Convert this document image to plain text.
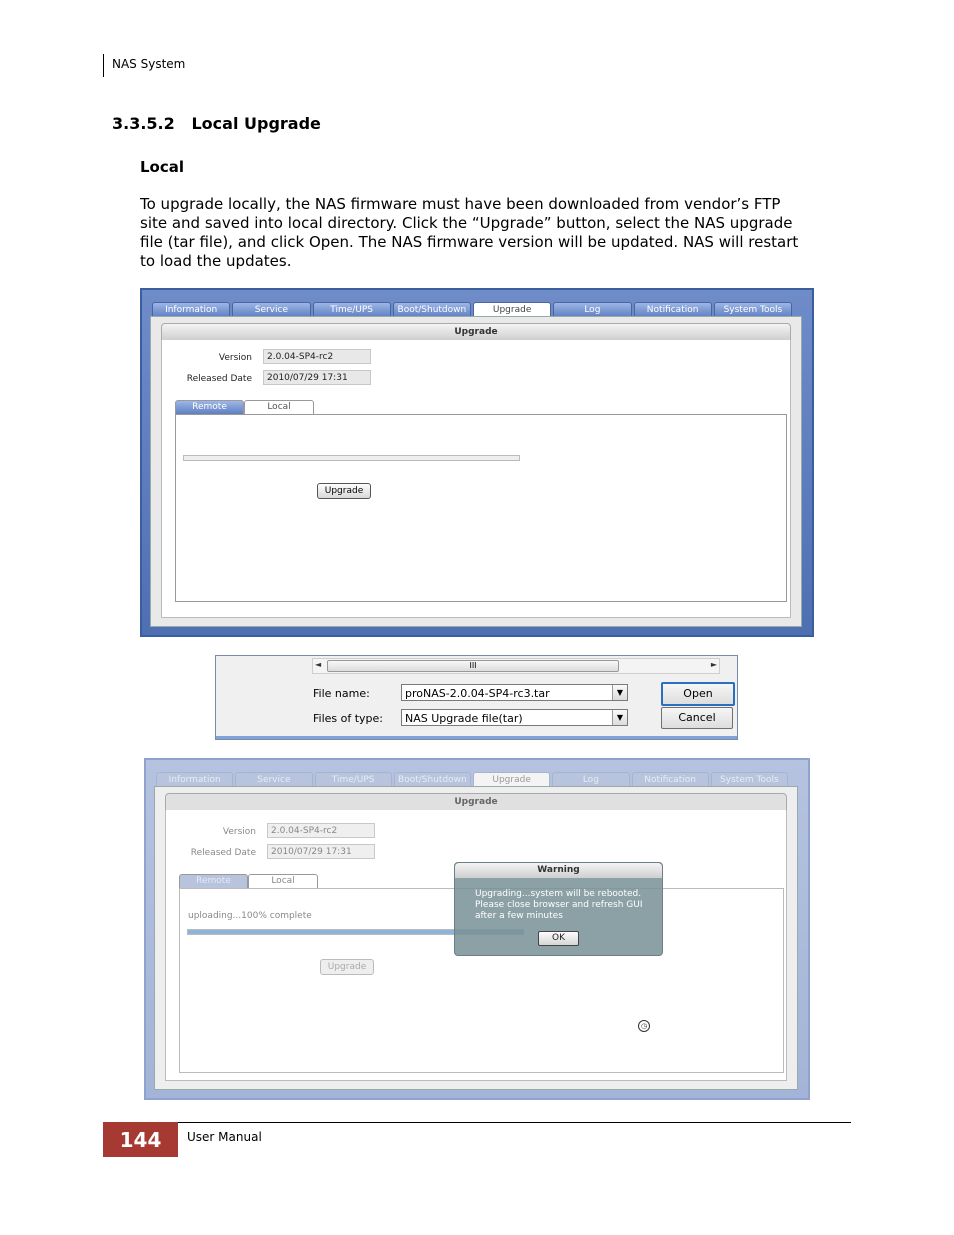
NAS System
3.3.5.2 Local Upgrade
Local
To upgrade locally, the NAS firmware must have been downloaded from vendor’s FTP
site and saved into local directory. Click the “Upgrade” button, select the NAS upgrade
file (tar file), and click Open. The NAS firmware version will be updated. NAS will restart
to load the updates.
Information	Service	Time/UPS	Boot/Shutdown	Upgrade	Log	Notification	System Tools
Upgrade
Version	2.0.04-SP4-rc2
Released Date	2010/07/29 17:31
Remote	Local
Upgrade
◄	III	►
File name:	proNAS-2.0.04-SP4-rc3.tar	▼
Files of type:	NAS Upgrade file(tar)	▼
Open
Cancel
Information	Service	Time/UPS	Boot/Shutdown	Upgrade	Log	Notification	System Tools
Upgrade
Version	2.0.04-SP4-rc2
Released Date	2010/07/29 17:31
Remote	Local
uploading...100% complete
Upgrade
◷
Warning
Upgrading...system will be rebooted.
Please close browser and refresh GUI
after a few minutes
OK
144	User Manual
